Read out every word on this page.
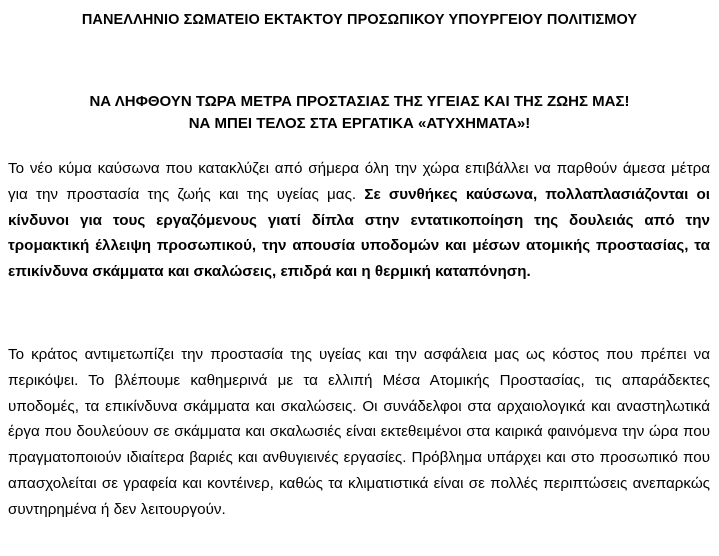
ΠΑΝΕΛΛΗΝΙΟ ΣΩΜΑΤΕΙΟ ΕΚΤΑΚΤΟΥ ΠΡΟΣΩΠΙΚΟΥ ΥΠΟΥΡΓΕΙΟΥ ΠΟΛΙΤΙΣΜΟΥ
ΝΑ ΛΗΦΘΟΥΝ ΤΩΡΑ ΜΕΤΡΑ ΠΡΟΣΤΑΣΙΑΣ ΤΗΣ ΥΓΕΙΑΣ ΚΑΙ ΤΗΣ ΖΩΗΣ ΜΑΣ!
ΝΑ ΜΠΕΙ ΤΕΛΟΣ ΣΤΑ ΕΡΓΑΤΙΚΑ «ΑΤΥΧΗΜΑΤΑ»!

Το νέο κύμα καύσωνα που κατακλύζει από σήμερα όλη την χώρα επιβάλλει να παρθούν άμεσα μέτρα για την προστασία της ζωής και της υγείας μας. Σε συνθήκες καύσωνα, πολλαπλασιάζονται οι κίνδυνοι για τους εργαζόμενους γιατί δίπλα στην εντατικοποίηση της δουλειάς από την τρομακτική έλλειψη προσωπικού, την απουσία υποδομών και μέσων ατομικής προστασίας, τα επικίνδυνα σκάμματα και σκαλώσεις, επιδρά και η θερμική καταπόνηση.

Το κράτος αντιμετωπίζει την προστασία της υγείας και την ασφάλεια μας ως κόστος που πρέπει να περικόψει. Το βλέπουμε καθημερινά με τα ελλιπή Μέσα Ατομικής Προστασίας, τις απαράδεκτες υποδομές, τα επικίνδυνα σκάμματα και σκαλώσεις. Οι συνάδελφοι στα αρχαιολογικά και αναστηλωτικά έργα που δουλεύουν σε σκάμματα και σκαλωσιές είναι εκτεθειμένοι στα καιρικά φαινόμενα την ώρα που πραγματοποιούν ιδιαίτερα βαριές και ανθυγιεινές εργασίες. Πρόβλημα υπάρχει και στο προσωπικό που απασχολείται σε γραφεία και κοντέινερ, καθώς τα κλιματιστικά είναι σε πολλές περιπτώσεις ανεπαρκώς συντηρημένα ή δεν λειτουργούν.
